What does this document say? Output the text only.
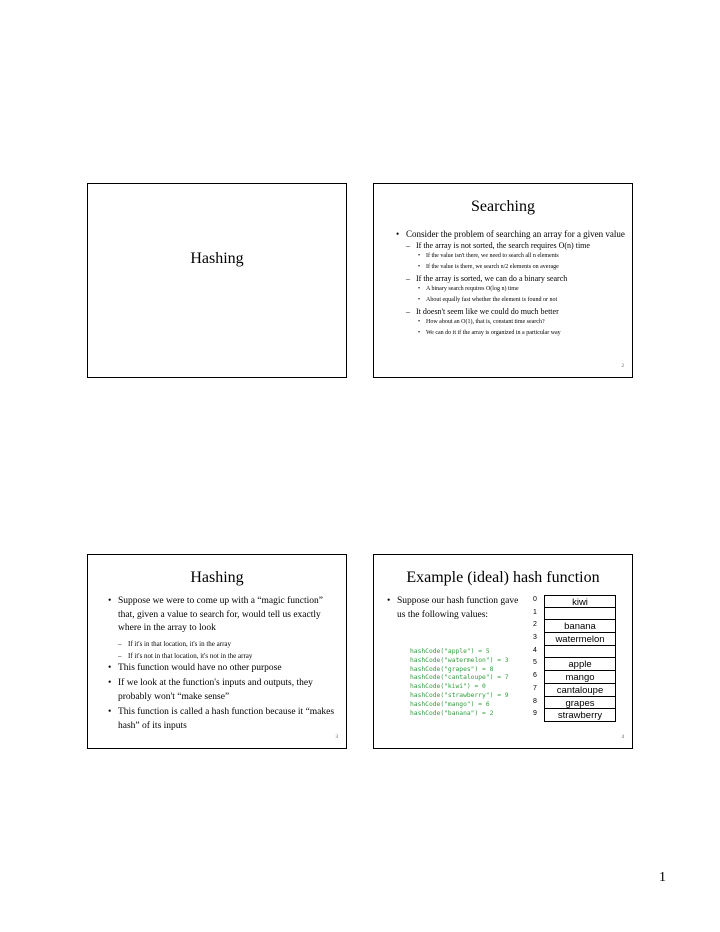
Hashing
Searching
• Consider the problem of searching an array for a given value
– If the array is not sorted, the search requires O(n) time
• If the value isn't there, we need to search all n elements
• If the value is there, we search n/2 elements on average
– If the array is sorted, we can do a binary search
• A binary search requires O(log n) time
• About equally fast whether the element is found or not
– It doesn't seem like we could do much better
• How about an O(1), that is, constant time search?
• We can do it if the array is organized in a particular way
2
Hashing
• Suppose we were to come up with a “magic function” that, given a value to search for, would tell us exactly where in the array to look
– If it's in that location, it's in the array
– If it's not in that location, it's not in the array
• This function would have no other purpose
• If we look at the function's inputs and outputs, they probably won't “make sense”
• This function is called a hash function because it “makes hash” of its inputs
3
Example (ideal) hash function
• Suppose our hash function gave us the following values:
hashCode("apple") = 5
hashCode("watermelon") = 3
hashCode("grapes") = 8
hashCode("cantaloupe") = 7
hashCode("kiwi") = 0
hashCode("strawberry") = 9
hashCode("mango") = 6
hashCode("banana") = 2
0	kiwi
1
2	banana
3	watermelon
4
5	apple
6	mango
7	cantaloupe
8	grapes
9	strawberry
4
1
